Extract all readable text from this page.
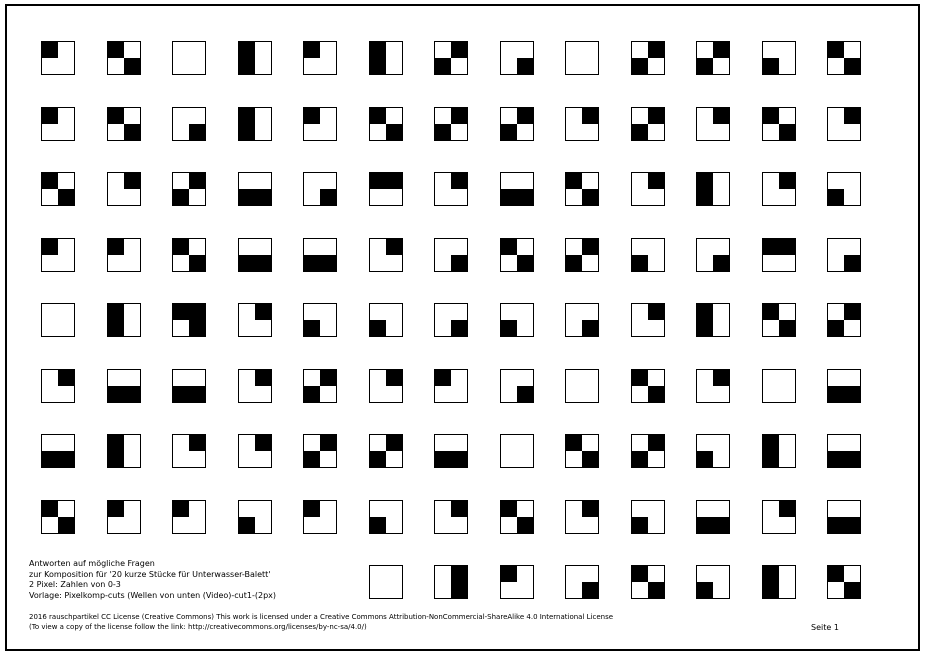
Antworten auf mögliche Fragen
zur Komposition für '20 kurze Stücke für Unterwasser-Balett'
2 Pixel: Zahlen von 0-3
Vorlage: Pixelkomp-cuts (Wellen von unten (Video)-cut1-(2px)
2016 rauschpartikel CC License (Creative Commons) This work is licensed under a Creative Commons Attribution-NonCommercial-ShareAlike 4.0 International License
(To view a copy of the license follow the link: http://creativecommons.org/licenses/by-nc-sa/4.0/)	Seite 1
